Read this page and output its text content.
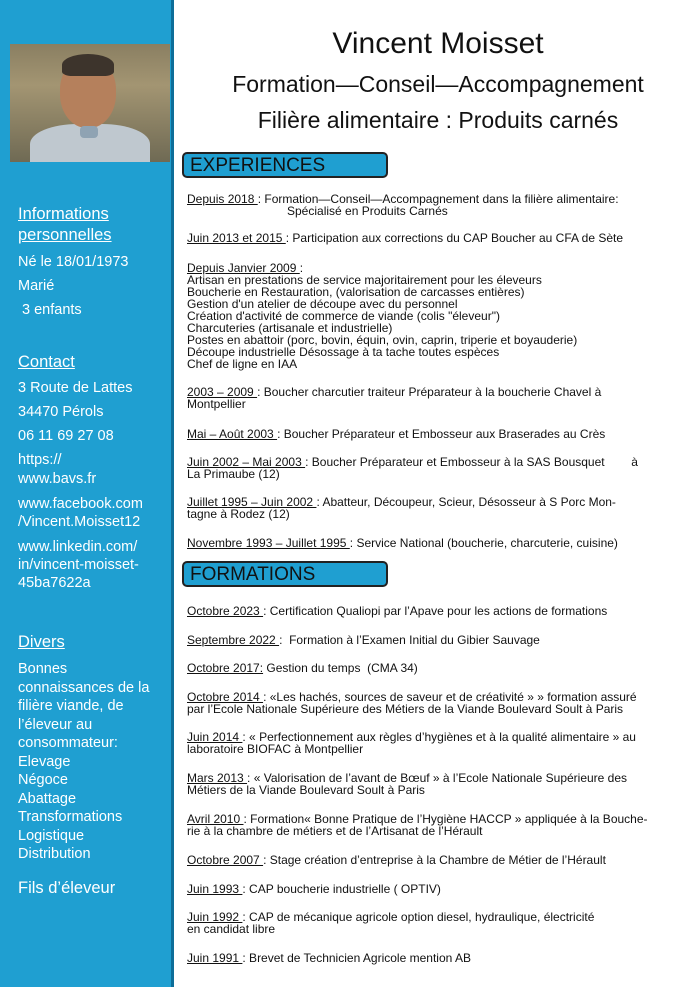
Informations
personnelles
Né le 18/01/1973
Marié
3 enfants
Contact
3 Route de Lattes
34470 Pérols
06 11 69 27 08
https://
www.bavs.fr
www.facebook.com
/Vincent.Moisset12
www.linkedin.com/
in/vincent-moisset-
45ba7622a
Divers
Bonnes
connaissances de la
filière viande, de
l’éleveur au
consommateur:
Elevage
Négoce
Abattage
Transformations
Logistique
Distribution
Fils d’éleveur
Vincent Moisset
Formation—Conseil—Accompagnement
Filière alimentaire : Produits carnés
EXPERIENCES
Depuis 2018 : Formation—Conseil—Accompagnement dans la filière alimentaire:
Spécialisé en Produits Carnés
Juin 2013 et 2015 : Participation aux corrections du CAP Boucher au CFA de Sète
Depuis Janvier 2009 :
Artisan en prestations de service majoritairement pour les éleveurs
Boucherie en Restauration, (valorisation de carcasses entières)
Gestion d'un atelier de découpe avec du personnel
Création d'activité de commerce de viande (colis "éleveur")
Charcuteries (artisanale et industrielle)
Postes en abattoir (porc, bovin, équin, ovin, caprin, triperie et boyauderie)
Découpe industrielle Désossage à ta tache toutes espèces
Chef de ligne en IAA
2003 – 2009 : Boucher charcutier traiteur Préparateur à la boucherie Chavel à
Montpellier
Mai – Août 2003 : Boucher Préparateur et Embosseur aux Braserades au Crès
Juin 2002 – Mai 2003 : Boucher Préparateur et Embosseur à la SAS Bousquet        à
La Primaube (12)
Juillet 1995 – Juin 2002 : Abatteur, Découpeur, Scieur, Désosseur à S Porc Mon-
tagne à Rodez (12)
Novembre 1993 – Juillet 1995 : Service National (boucherie, charcuterie, cuisine)
FORMATIONS
Octobre 2023 : Certification Qualiopi par l’Apave pour les actions de formations
Septembre 2022 :  Formation à l’Examen Initial du Gibier Sauvage
Octobre 2017: Gestion du temps  (CMA 34)
Octobre 2014 : «Les hachés, sources de saveur et de créativité » » formation assuré
par l’Ecole Nationale Supérieure des Métiers de la Viande Boulevard Soult à Paris
Juin 2014 : « Perfectionnement aux règles d’hygiènes et à la qualité alimentaire » au
laboratoire BIOFAC à Montpellier
Mars 2013 : « Valorisation de l’avant de Bœuf » à l’Ecole Nationale Supérieure des
Métiers de la Viande Boulevard Soult à Paris
Avril 2010 : Formation« Bonne Pratique de l’Hygiène HACCP » appliquée à la Bouche-
rie à la chambre de métiers et de l’Artisanat de l’Hérault
Octobre 2007 : Stage création d’entreprise à la Chambre de Métier de l’Hérault
Juin 1993 : CAP boucherie industrielle ( OPTIV)
Juin 1992 : CAP de mécanique agricole option diesel, hydraulique, électricité
en candidat libre
Juin 1991 : Brevet de Technicien Agricole mention AB
